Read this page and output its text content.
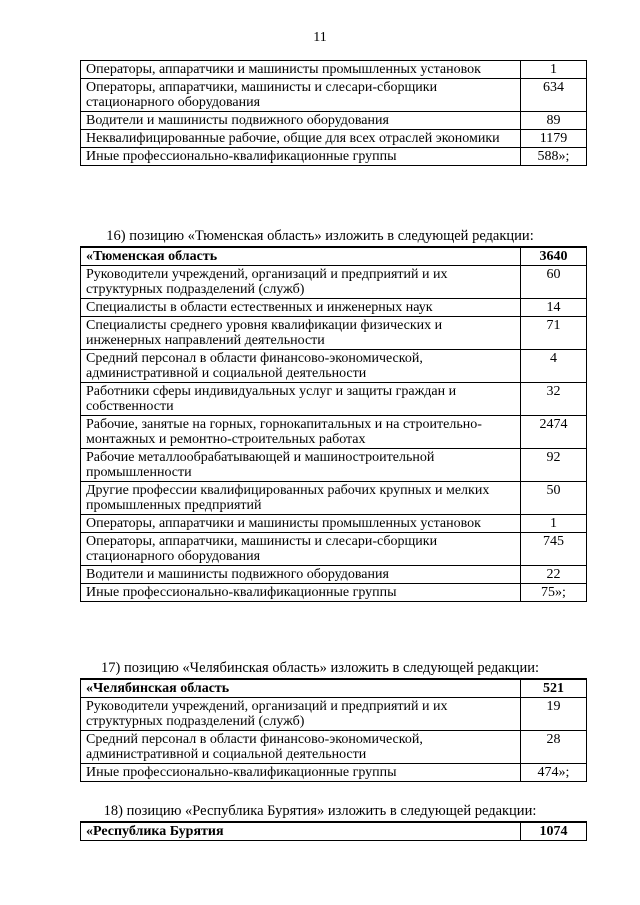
11
Операторы, аппаратчики и машинисты промышленных установок	1
Операторы, аппаратчики, машинисты и слесари-сборщики стационарного оборудования	634
Водители и машинисты подвижного оборудования	89
Неквалифицированные рабочие, общие для всех отраслей экономики	1179
Иные профессионально-квалификационные группы	588»;
16) позицию «Тюменская область» изложить в следующей редакции:
«Тюменская область	3640
Руководители учреждений, организаций и предприятий и их структурных подразделений (служб)	60
Специалисты в области естественных и инженерных наук	14
Специалисты среднего уровня квалификации физических и инженерных направлений деятельности	71
Средний персонал в области финансово-экономической, административной и социальной деятельности	4
Работники сферы индивидуальных услуг и защиты граждан и собственности	32
Рабочие, занятые на горных, горнокапитальных и на строительно-монтажных и ремонтно-строительных работах	2474
Рабочие металлообрабатывающей и машиностроительной промышленности	92
Другие профессии квалифицированных рабочих крупных и мелких промышленных предприятий	50
Операторы, аппаратчики и машинисты промышленных установок	1
Операторы, аппаратчики, машинисты и слесари-сборщики стационарного оборудования	745
Водители и машинисты подвижного оборудования	22
Иные профессионально-квалификационные группы	75»;
17) позицию «Челябинская область» изложить в следующей редакции:
«Челябинская область	521
Руководители учреждений, организаций и предприятий и их структурных подразделений (служб)	19
Средний персонал в области финансово-экономической, административной и социальной деятельности	28
Иные профессионально-квалификационные группы	474»;
18) позицию «Республика Бурятия» изложить в следующей редакции:
«Республика Бурятия	1074
